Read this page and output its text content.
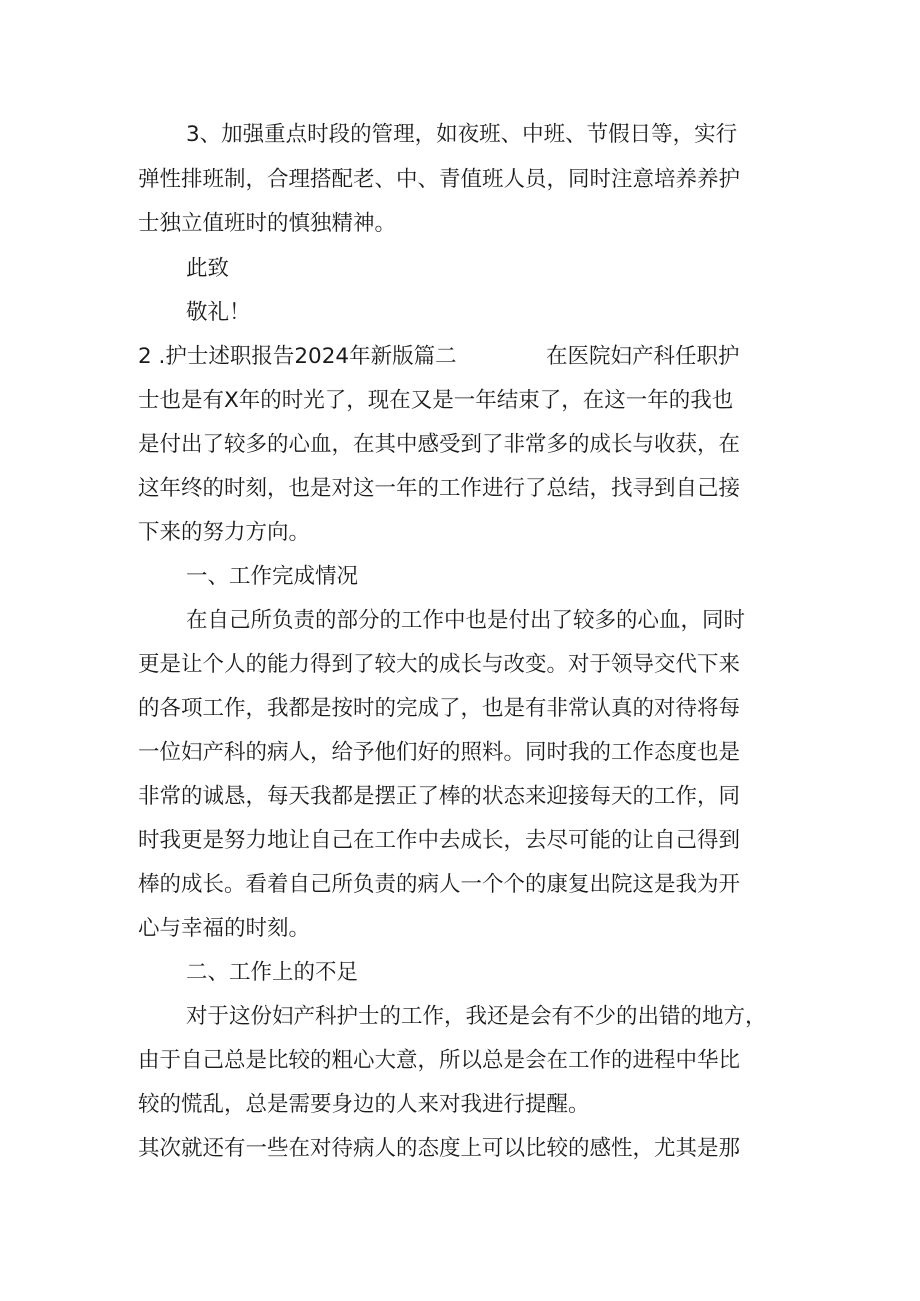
3、加强重点时段的管理，如夜班、中班、节假日等，实行
弹性排班制，合理搭配老、中、青值班人员，同时注意培养养护
士独立值班时的慎独精神。
此致
敬礼！
2 .护士述职报告2024年新版篇二	在医院妇产科任职护
士也是有X年的时光了，现在又是一年结束了，在这一年的我也
是付出了较多的心血，在其中感受到了非常多的成长与收获，在
这年终的时刻，也是对这一年的工作进行了总结，找寻到自己接
下来的努力方向。
一、工作完成情况
在自己所负责的部分的工作中也是付出了较多的心血，同时
更是让个人的能力得到了较大的成长与改变。对于领导交代下来
的各项工作，我都是按时的完成了，也是有非常认真的对待将每
一位妇产科的病人，给予他们好的照料。同时我的工作态度也是
非常的诚恳，每天我都是摆正了棒的状态来迎接每天的工作，同
时我更是努力地让自己在工作中去成长，去尽可能的让自己得到
棒的成长。看着自己所负责的病人一个个的康复出院这是我为开
心与幸福的时刻。
二、工作上的不足
对于这份妇产科护士的工作，我还是会有不少的出错的地方，
由于自己总是比较的粗心大意，所以总是会在工作的进程中华比
较的慌乱，总是需要身边的人来对我进行提醒。
其次就还有一些在对待病人的态度上可以比较的感性，尤其是那
